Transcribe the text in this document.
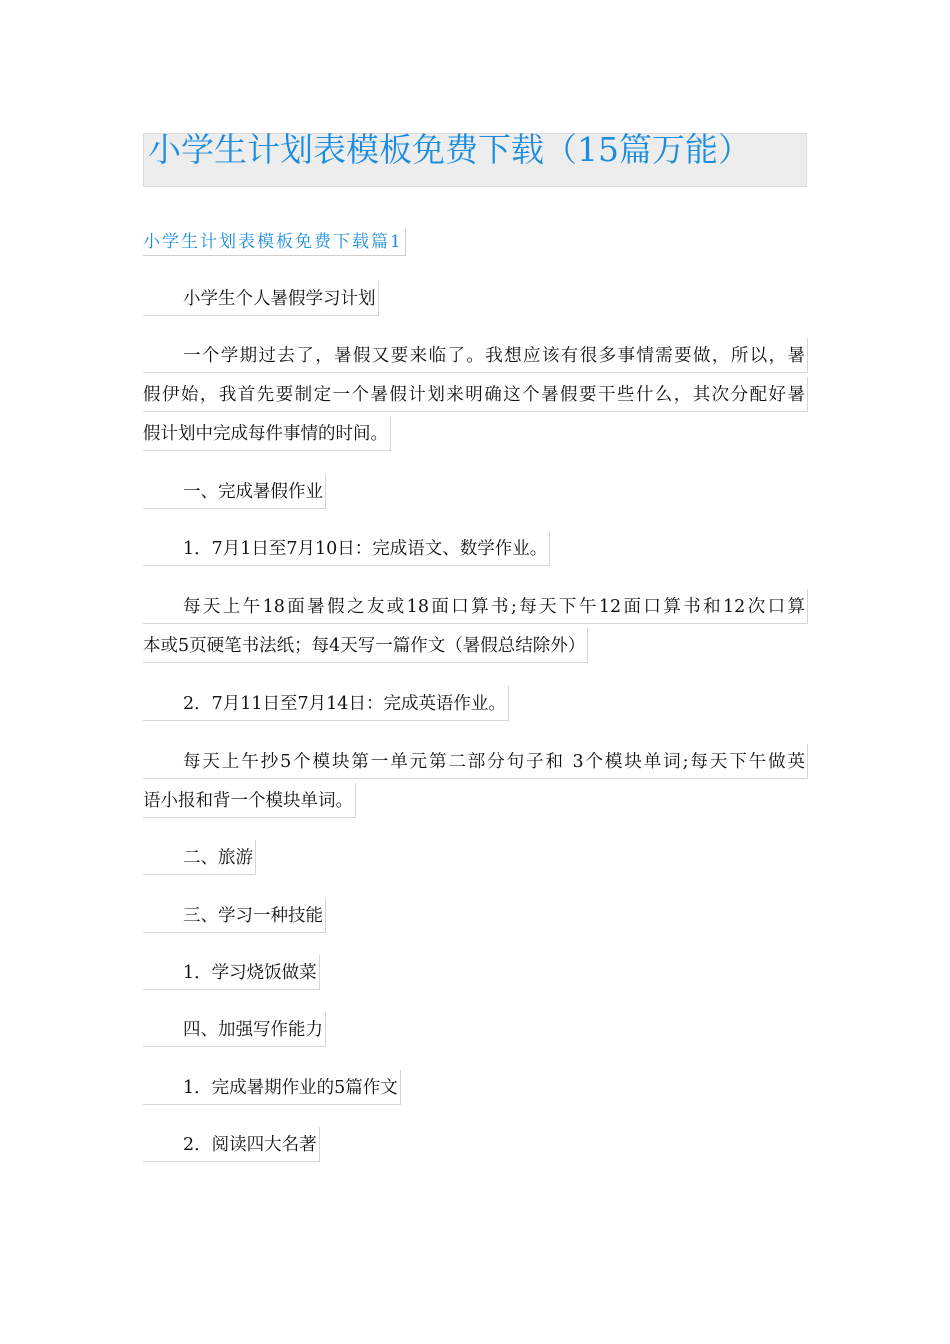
小学生计划表模板免费下载（15篇万能）
小学生计划表模板免费下载篇1
小学生个人暑假学习计划
一个学期过去了，暑假又要来临了。我想应该有很多事情需要做，所以，暑
假伊始，我首先要制定一个暑假计划来明确这个暑假要干些什么，其次分配好暑
假计划中完成每件事情的时间。
一、完成暑假作业
1．7月1日至7月10日：完成语文、数学作业。
每天上午18面暑假之友或18面口算书;每天下午12面口算书和12次口算
本或5页硬笔书法纸；每4天写一篇作文（暑假总结除外）
2．7月11日至7月14日：完成英语作业。
每天上午抄5个模块第一单元第二部分句子和 3个模块单词;每天下午做英
语小报和背一个模块单词。
二、旅游
三、学习一种技能
1．学习烧饭做菜
四、加强写作能力
1．完成暑期作业的5篇作文
2．阅读四大名著
